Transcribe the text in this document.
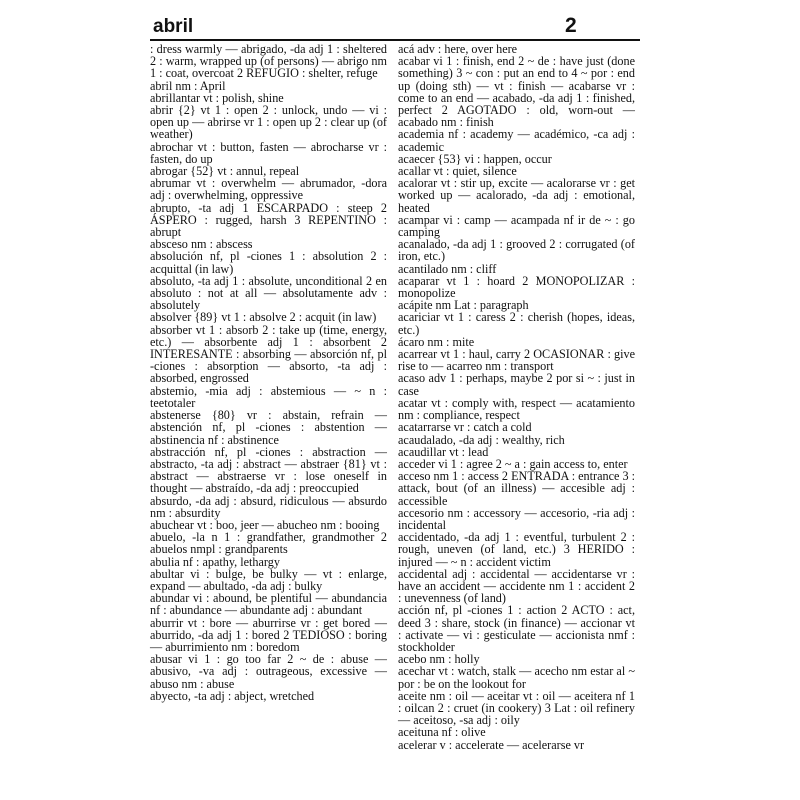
abril	2

: dress warmly — abrigado, -da adj 1 : sheltered 2 : warm, wrapped up (of persons) — abrigo nm 1 : coat, overcoat 2 REFUGIO : shelter, refuge

abril nm : April

abrillantar vt : polish, shine

abrir {2} vt 1 : open 2 : unlock, undo — vi : open up — abrirse vr 1 : open up 2 : clear up (of weather)

abrochar vt : button, fasten — abrocharse vr : fasten, do up

abrogar {52} vt : annul, repeal

abrumar vt : overwhelm — abrumador, -dora adj : overwhelming, oppressive

abrupto, -ta adj 1 ESCARPADO : steep 2 ÁSPERO : rugged, harsh 3 REPENTINO : abrupt

absceso nm : abscess

absolución nf, pl -ciones 1 : absolution 2 : acquittal (in law)

absoluto, -ta adj 1 : absolute, unconditional 2 en absoluto : not at all — absolutamente adv : absolutely

absolver {89} vt 1 : absolve 2 : acquit (in law)

absorber vt 1 : absorb 2 : take up (time, energy, etc.) — absorbente adj 1 : absorbent 2 INTERESANTE : absorbing — absorción nf, pl -ciones : absorption — absorto, -ta adj : absorbed, engrossed

abstemio, -mia adj : abstemious — ~ n : teetotaler

abstenerse {80} vr : abstain, refrain — abstención nf, pl -ciones : abstention — abstinencia nf : abstinence

abstracción nf, pl -ciones : abstraction — abstracto, -ta adj : abstract — abstraer {81} vt : abstract — abstraerse vr : lose oneself in thought — abstraído, -da adj : preoccupied

absurdo, -da adj : absurd, ridiculous — absurdo nm : absurdity

abuchear vt : boo, jeer — abucheo nm : booing

abuelo, -la n 1 : grandfather, grandmother 2 abuelos nmpl : grandparents

abulia nf : apathy, lethargy

abultar vi : bulge, be bulky — vt : enlarge, expand — abultado, -da adj : bulky

abundar vi : abound, be plentiful — abundancia nf : abundance — abundante adj : abundant

aburrir vt : bore — aburrirse vr : get bored — aburrido, -da adj 1 : bored 2 TEDIOSO : boring — aburrimiento nm : boredom

abusar vi 1 : go too far 2 ~ de : abuse — abusivo, -va adj : outrageous, excessive — abuso nm : abuse

abyecto, -ta adj : abject, wretched

acá adv : here, over here

acabar vi 1 : finish, end 2 ~ de : have just (done something) 3 ~ con : put an end to 4 ~ por : end up (doing sth) — vt : finish — acabarse vr : come to an end — acabado, -da adj 1 : finished, perfect 2 AGOTADO : old, worn-out — acabado nm : finish

academia nf : academy — académico, -ca adj : academic

acaecer {53} vi : happen, occur

acallar vt : quiet, silence

acalorar vt : stir up, excite — acalorarse vr : get worked up — acalorado, -da adj : emotional, heated

acampar vi : camp — acampada nf ir de ~ : go camping

acanalado, -da adj 1 : grooved 2 : corrugated (of iron, etc.)

acantilado nm : cliff

acaparar vt 1 : hoard 2 MONOPOLIZAR : monopolize

acápite nm Lat : paragraph

acariciar vt 1 : caress 2 : cherish (hopes, ideas, etc.)

ácaro nm : mite

acarrear vt 1 : haul, carry 2 OCASIONAR : give rise to — acarreo nm : transport

acaso adv 1 : perhaps, maybe 2 por si ~ : just in case

acatar vt : comply with, respect — acatamiento nm : compliance, respect

acatarrarse vr : catch a cold

acaudalado, -da adj : wealthy, rich

acaudillar vt : lead

acceder vi 1 : agree 2 ~ a : gain access to, enter

acceso nm 1 : access 2 ENTRADA : entrance 3 : attack, bout (of an illness) — accesible adj : accessible

accesorio nm : accessory — accesorio, -ria adj : incidental

accidentado, -da adj 1 : eventful, turbulent 2 : rough, uneven (of land, etc.) 3 HERIDO : injured — ~ n : accident victim

accidental adj : accidental — accidentarse vr : have an accident — accidente nm 1 : accident 2 : unevenness (of land)

acción nf, pl -ciones 1 : action 2 ACTO : act, deed 3 : share, stock (in finance) — accionar vt : activate — vi : gesticulate — accionista nmf : stockholder

acebo nm : holly

acechar vt : watch, stalk — acecho nm estar al ~ por : be on the lookout for

aceite nm : oil — aceitar vt : oil — aceitera nf 1 : oilcan 2 : cruet (in cookery) 3 Lat : oil refinery — aceitoso, -sa adj : oily

aceituna nf : olive

acelerar v : accelerate — acelerarse vr
